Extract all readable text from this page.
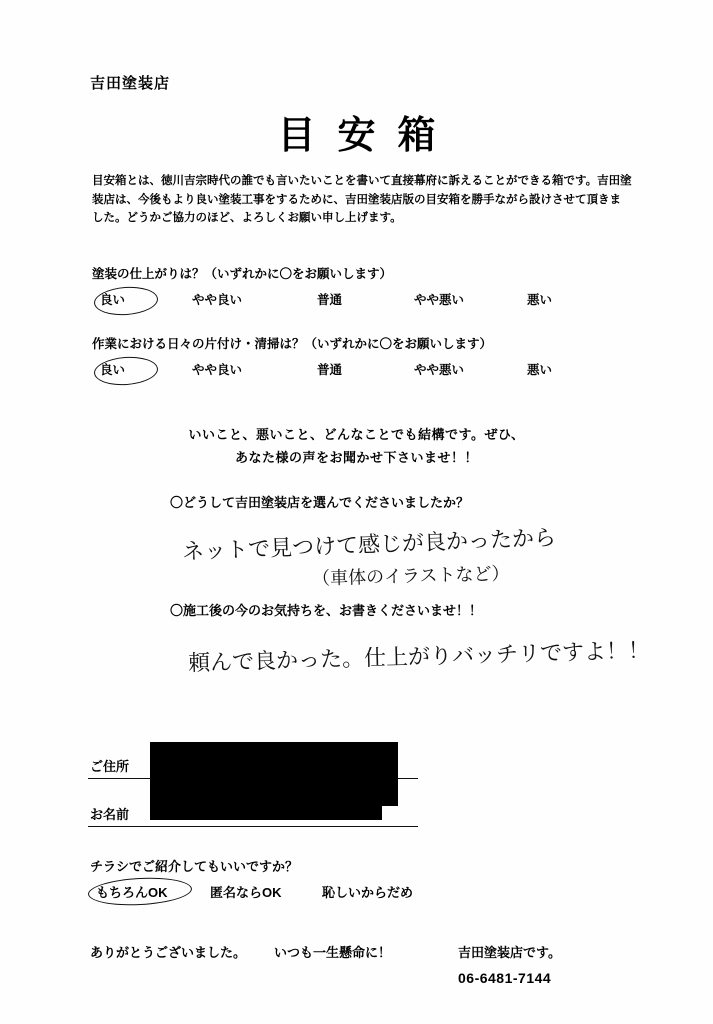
吉田塗装店
目安箱
目安箱とは、徳川吉宗時代の誰でも言いたいことを書いて直接幕府に訴えることができる箱です。吉田塗装店は、今後もより良い塗装工事をするために、吉田塗装店版の目安箱を勝手ながら設けさせて頂きました。どうかご協力のほど、よろしくお願い申し上げます。
塗装の仕上がりは？（いずれかに〇をお願いします）
良い	やや良い	普通	やや悪い	悪い
作業における日々の片付け・清掃は？（いずれかに〇をお願いします）
良い	やや良い	普通	やや悪い	悪い
いいこと、悪いこと、どんなことでも結構です。ぜひ、
あなた様の声をお聞かせ下さいませ！！
〇どうして吉田塗装店を選んでくださいましたか？
ネットで見つけて感じが良かったから
（車体のイラストなど）
〇施工後の今のお気持ちを、お書きくださいませ！！
頼んで良かった。仕上がりバッチリですよ！！
ご住所
お名前
チラシでご紹介してもいいですか？
もちろんOK	匿名ならOK	恥しいからだめ
ありがとうございました。 いつも一生懸命に！	吉田塗装店です。
06-6481-7144
